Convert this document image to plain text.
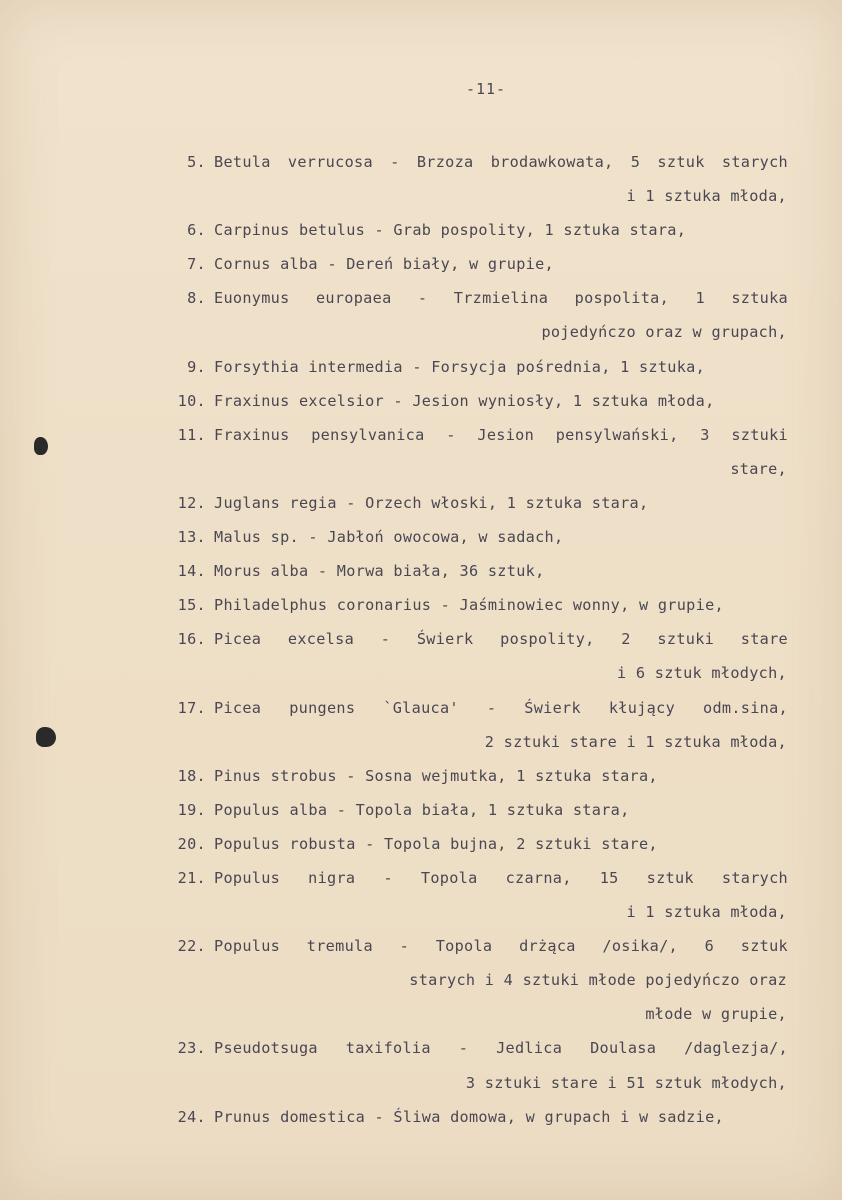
-11-
5. Betula verrucosa - Brzoza brodawkowata, 5 sztuk starych
i 1 sztuka młoda,
6. Carpinus betulus - Grab pospolity, 1 sztuka stara,
7. Cornus alba - Dereń biały, w grupie,
8. Euonymus europaea - Trzmielina pospolita, 1 sztuka
pojedyńczo oraz w grupach,
9. Forsythia intermedia - Forsycja pośrednia, 1 sztuka,
10. Fraxinus excelsior - Jesion wyniosły, 1 sztuka młoda,
11. Fraxinus pensylvanica - Jesion pensylwański, 3 sztuki
stare,
12. Juglans regia - Orzech włoski, 1 sztuka stara,
13. Malus sp. - Jabłoń owocowa, w sadach,
14. Morus alba - Morwa biała, 36 sztuk,
15. Philadelphus coronarius - Jaśminowiec wonny, w grupie,
16. Picea excelsa - Świerk pospolity, 2 sztuki stare
i 6 sztuk młodych,
17. Picea pungens `Glauca' - Świerk kłujący odm.sina,
2 sztuki stare i 1 sztuka młoda,
18. Pinus strobus - Sosna wejmutka, 1 sztuka stara,
19. Populus alba - Topola biała, 1 sztuka stara,
20. Populus robusta - Topola bujna, 2 sztuki stare,
21. Populus nigra - Topola czarna, 15 sztuk starych
i 1 sztuka młoda,
22. Populus tremula - Topola drżąca /osika/, 6 sztuk
starych i 4 sztuki młode pojedyńczo oraz
młode w grupie,
23. Pseudotsuga taxifolia - Jedlica Doulasa /daglezja/,
3 sztuki stare i 51 sztuk młodych,
24. Prunus domestica - Śliwa domowa, w grupach i w sadzie,
